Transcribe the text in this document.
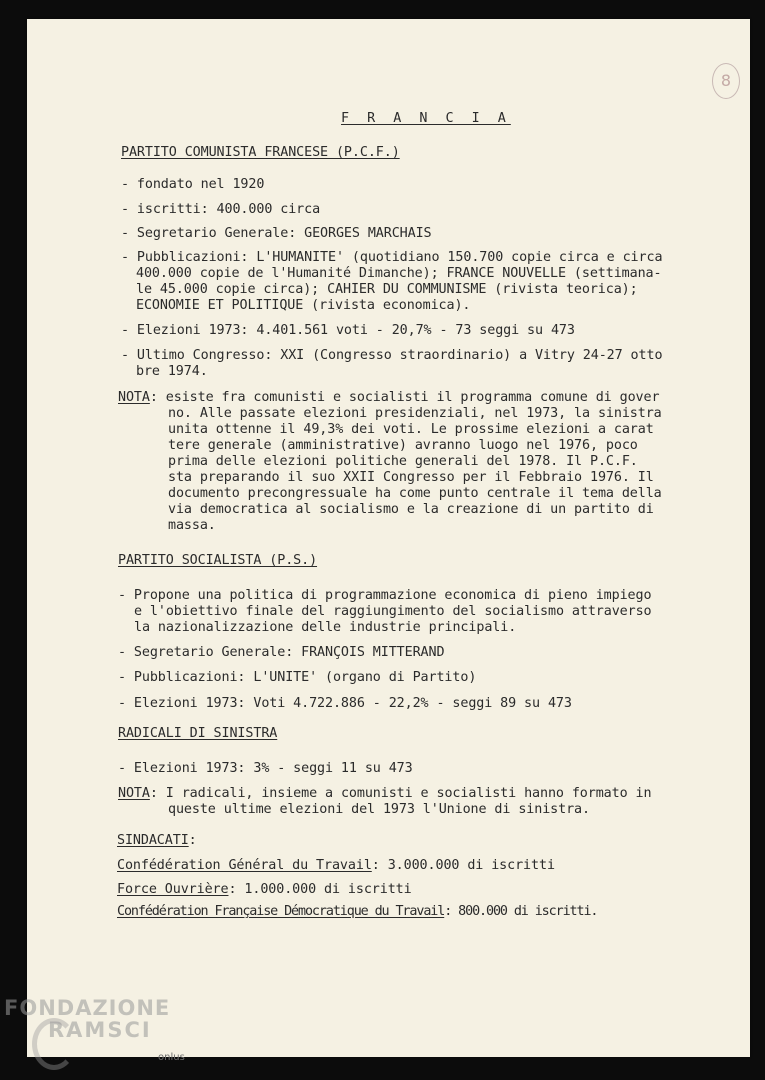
8
F R A N C I A
PARTITO COMUNISTA FRANCESE (P.C.F.)
- fondato nel 1920
- iscritti: 400.000 circa
- Segretario Generale: GEORGES MARCHAIS
- Pubblicazioni: L'HUMANITE' (quotidiano 150.700 copie circa e circa
400.000 copie de l'Humanité Dimanche); FRANCE NOUVELLE (settimana-
le 45.000 copie circa); CAHIER DU COMMUNISME (rivista teorica);
ECONOMIE ET POLITIQUE (rivista economica).
- Elezioni 1973: 4.401.561 voti - 20,7% - 73 seggi su 473
- Ultimo Congresso: XXI (Congresso straordinario) a Vitry 24-27 otto
bre 1974.
NOTA: esiste fra comunisti e socialisti il programma comune di gover
no. Alle passate elezioni presidenziali, nel 1973, la sinistra
unita ottenne il 49,3% dei voti. Le prossime elezioni a carat
tere generale (amministrative) avranno luogo nel 1976, poco
prima delle elezioni politiche generali del 1978. Il P.C.F.
sta preparando il suo XXII Congresso per il Febbraio 1976. Il
documento precongressuale ha come punto centrale il tema della
via democratica al socialismo e la creazione di un partito di
massa.
PARTITO SOCIALISTA (P.S.)
- Propone una politica di programmazione economica di pieno impiego
e l'obiettivo finale del raggiungimento del socialismo attraverso
la nazionalizzazione delle industrie principali.
- Segretario Generale: FRANÇOIS MITTERAND
- Pubblicazioni: L'UNITE' (organo di Partito)
- Elezioni 1973: Voti 4.722.886 - 22,2% - seggi 89 su 473
RADICALI DI SINISTRA
- Elezioni 1973: 3% - seggi 11 su 473
NOTA: I radicali, insieme a comunisti e socialisti hanno formato in
queste ultime elezioni del 1973 l'Unione di sinistra.
SINDACATI:
Confédération Général du Travail: 3.000.000 di iscritti
Force Ouvrière: 1.000.000 di iscritti
Confédération Française Démocratique du Travail: 800.000 di iscritti.
FONDAZIONE
RAMSCI
onlus
